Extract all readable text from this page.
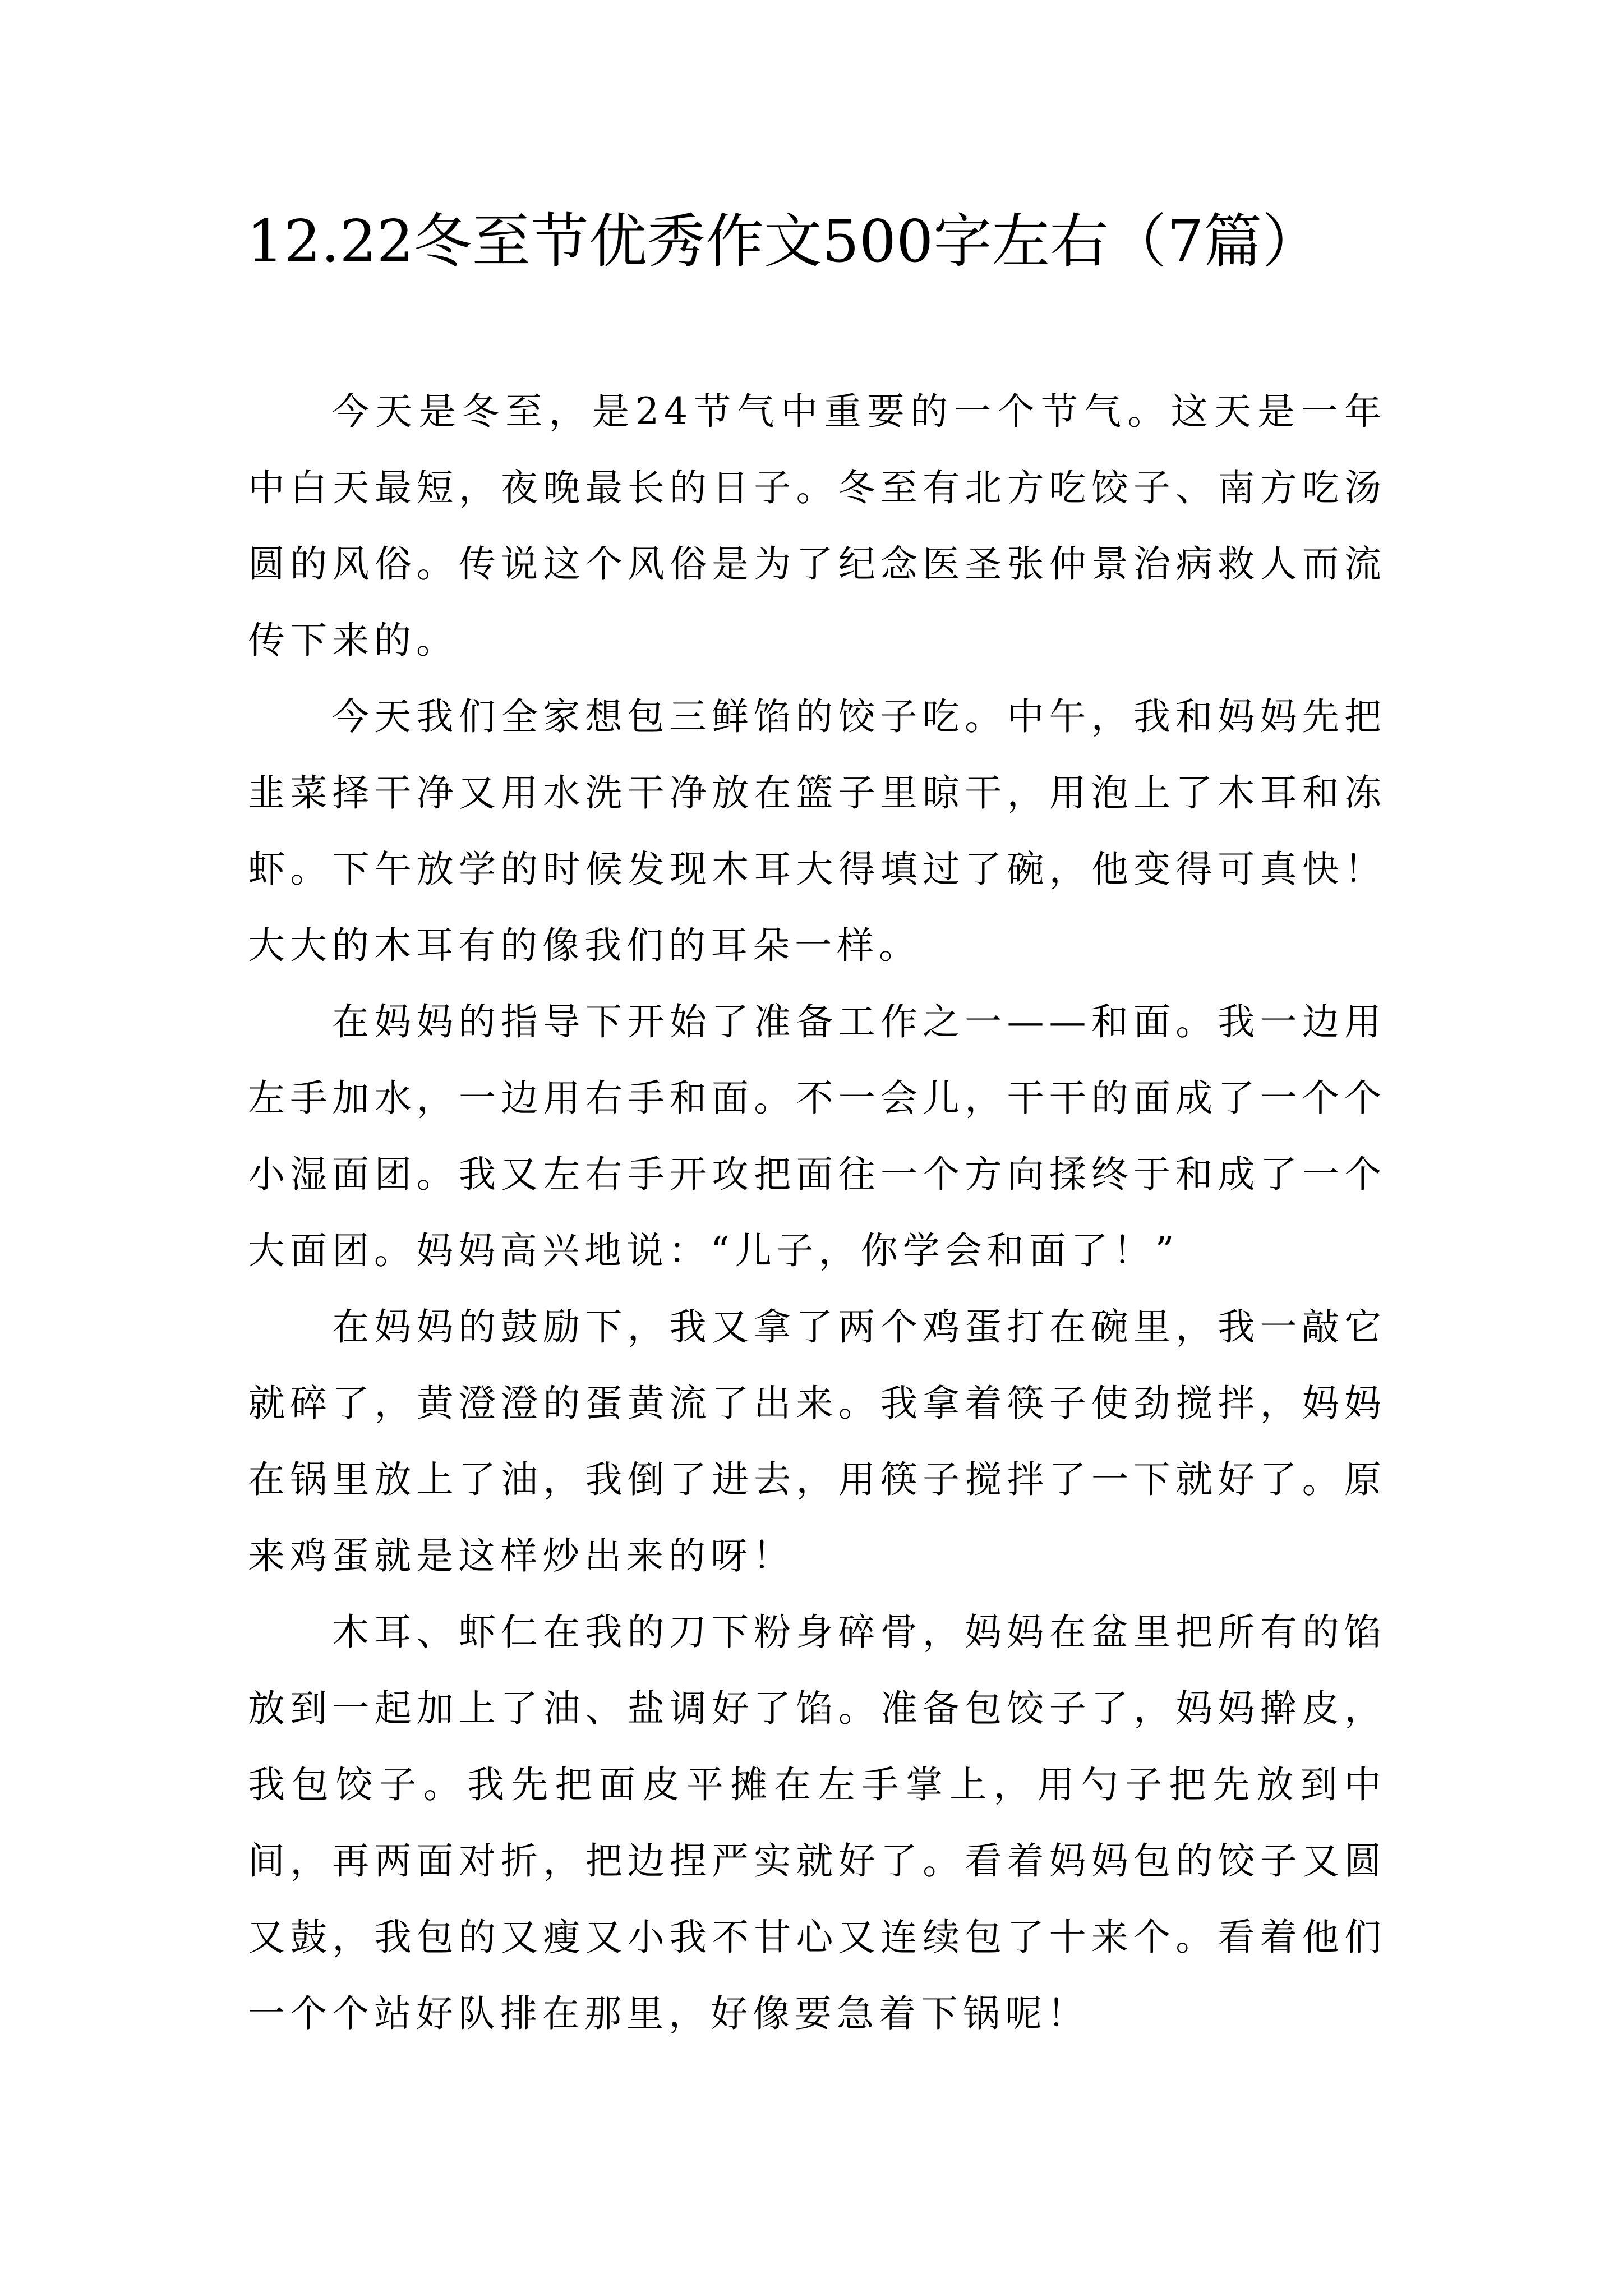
12.22冬至节优秀作文500字左右（7篇）

今天是冬至，是24节气中重要的一个节气。这天是一年中白天最短，夜晚最长的日子。冬至有北方吃饺子、南方吃汤圆的风俗。传说这个风俗是为了纪念医圣张仲景治病救人而流传下来的。

今天我们全家想包三鲜馅的饺子吃。中午，我和妈妈先把韭菜择干净又用水洗干净放在篮子里晾干，用泡上了木耳和冻虾。下午放学的时候发现木耳大得填过了碗，他变得可真快！大大的木耳有的像我们的耳朵一样。

在妈妈的指导下开始了准备工作之一——和面。我一边用左手加水，一边用右手和面。不一会儿，干干的面成了一个个小湿面团。我又左右手开攻把面往一个方向揉终于和成了一个大面团。妈妈高兴地说：“儿子，你学会和面了！”

在妈妈的鼓励下，我又拿了两个鸡蛋打在碗里，我一敲它就碎了，黄澄澄的蛋黄流了出来。我拿着筷子使劲搅拌，妈妈在锅里放上了油，我倒了进去，用筷子搅拌了一下就好了。原来鸡蛋就是这样炒出来的呀！

木耳、虾仁在我的刀下粉身碎骨，妈妈在盆里把所有的馅放到一起加上了油、盐调好了馅。准备包饺子了，妈妈擀皮，我包饺子。我先把面皮平摊在左手掌上，用勺子把先放到中间，再两面对折，把边捏严实就好了。看着妈妈包的饺子又圆又鼓，我包的又瘦又小我不甘心又连续包了十来个。看着他们一个个站好队排在那里，好像要急着下锅呢！
